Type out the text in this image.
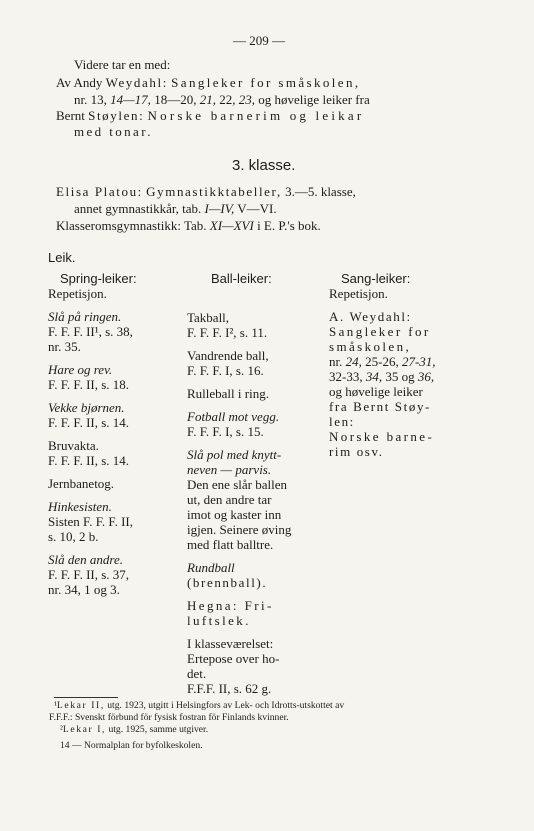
— 209 —
Videre tar en med:
Av Andy Weydahl: Sangleker for småskolen,
nr. 13, 14—17, 18—20, 21, 22, 23, og høvelige leiker fra
Bernt Støylen: Norske barnerim og leikar
med tonar.
3. klasse.
Elisa Platou: Gymnastikktabeller, 3.—5. klasse,
annet gymnastikkår, tab. I—IV, V—VI.
Klasseromsgymnastikk: Tab. XI—XVI i E. P.'s bok.
Leik.
Spring-leiker:
Repetisjon.
Slå på ringen.
F. F. F. II¹, s. 38,
nr. 35.
Hare og rev.
F. F. F. II, s. 18.
Vekke bjørnen.
F. F. F. II, s. 14.
Bruvakta.
F. F. F. II, s. 14.
Jernbanetog.
Hinkesisten.
Sisten F. F. F. II,
s. 10, 2 b.
Slå den andre.
F. F. F. II, s. 37,
nr. 34, 1 og 3.
Ball-leiker:
Takball,
F. F. F. I², s. 11.
Vandrende ball,
F. F. F. I, s. 16.
Rulleball i ring.
Fotball mot vegg.
F. F. F. I, s. 15.
Slå pol med knytt-
neven — parvis.
Den ene slår ballen
ut, den andre tar
imot og kaster inn
igjen. Seinere øving
med flatt balltre.
Rundball
(brennball).
Hegna: Fri-
luftslek.
I klasseværelset:
Ertepose over ho-
det.
F.F.F. II, s. 62 g.
Sang-leiker:
Repetisjon.
A. Weydahl:
Sangleker for
småskolen,
nr. 24, 25-26, 27-31,
32-33, 34, 35 og 36,
og høvelige leiker
fra Bernt Støy-
len:
Norske barne-
rim osv.
¹Lekar II, utg. 1923, utgitt i Helsingfors av Lek- och Idrotts-utskottet av
F.F.F.: Svenskt förbund för fysisk fostran för Finlands kvinner.
²Lekar I, utg. 1925, samme utgiver.
14 — Normalplan for byfolkeskolen.
